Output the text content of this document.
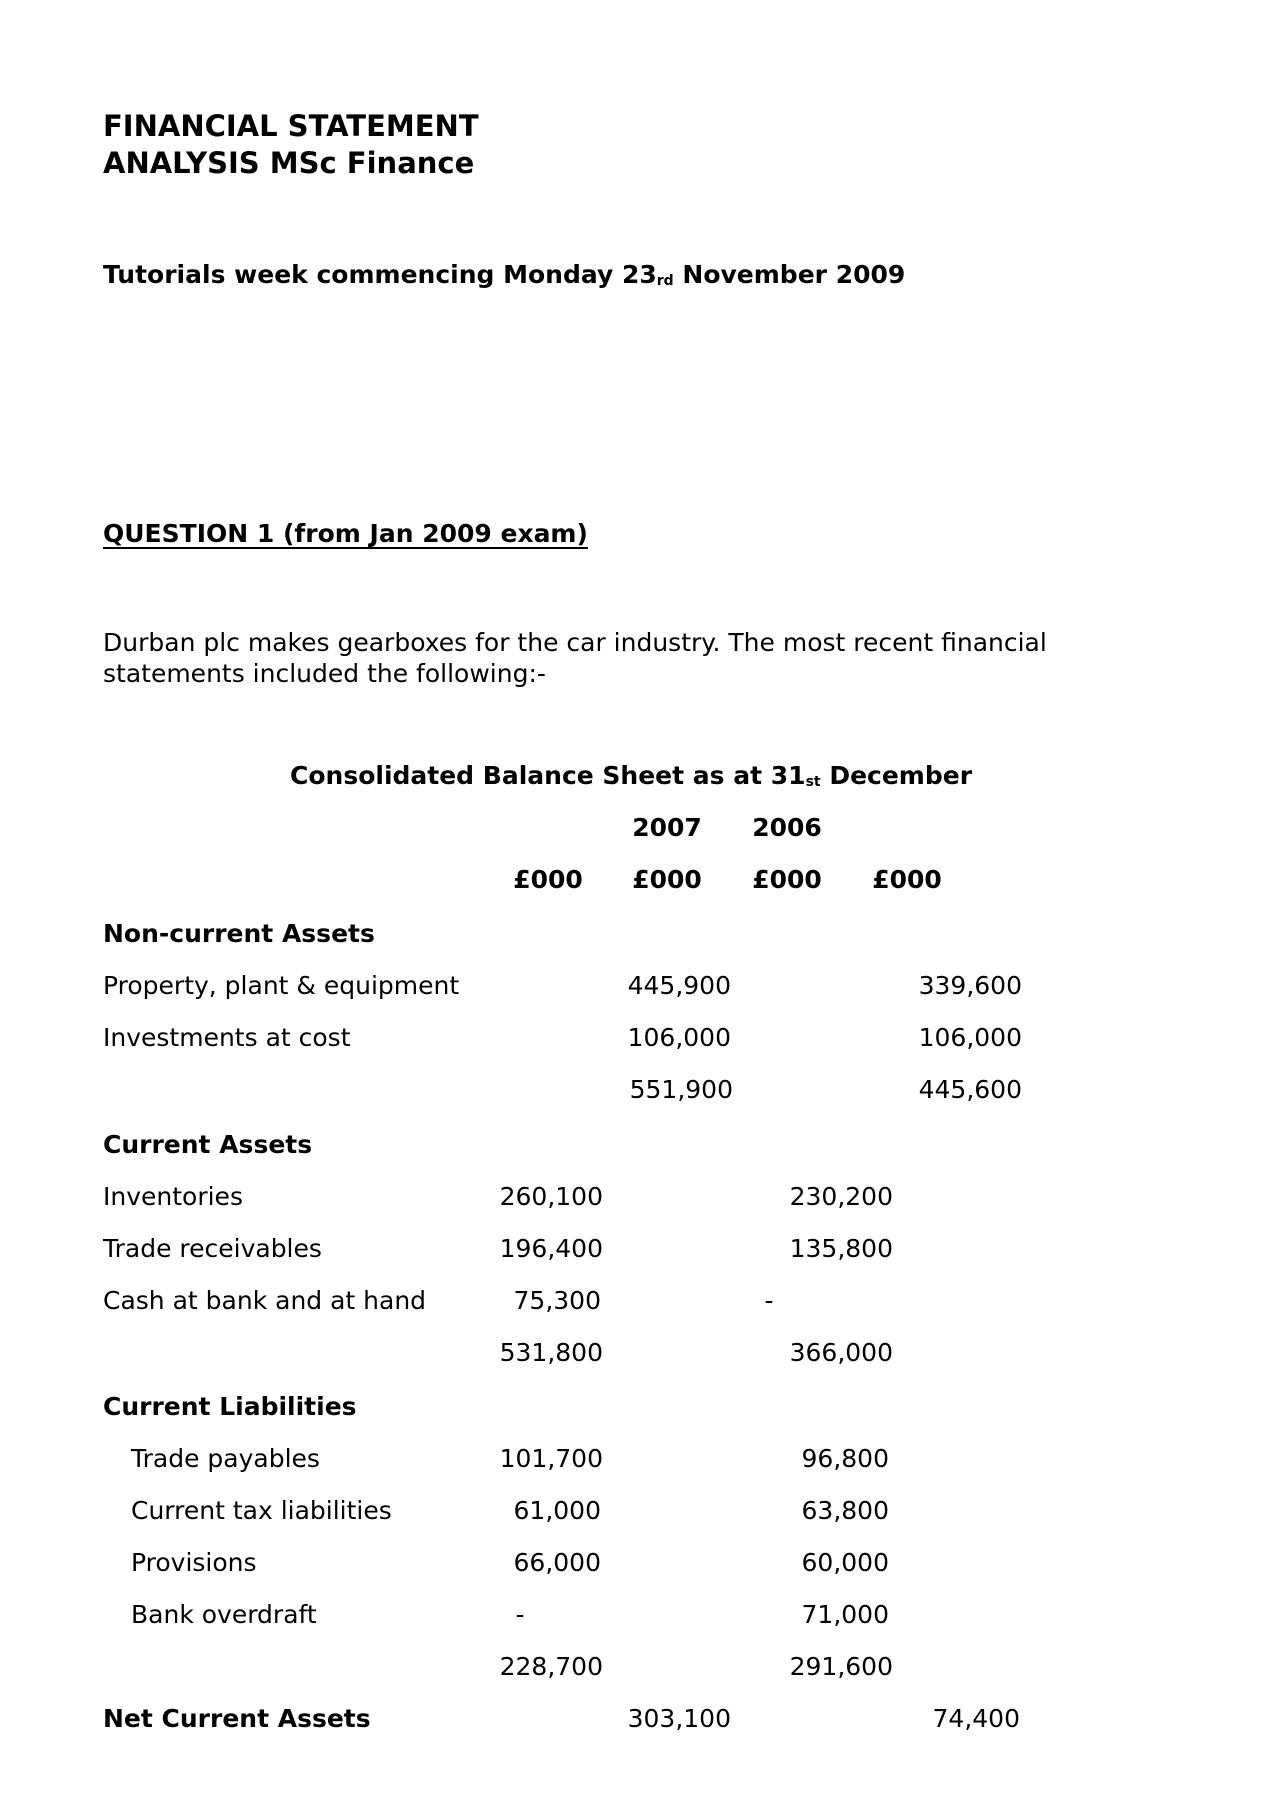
FINANCIAL STATEMENT
ANALYSIS MSc Finance
Tutorials week commencing Monday 23rd November 2009
QUESTION 1 (from Jan 2009 exam)
Durban plc makes gearboxes for the car industry. The most recent financial
statements included the following:-
Consolidated Balance Sheet as at 31st December
2007	2006
£000	£000	£000	£000
Non-current Assets
Property, plant & equipment	445,900	339,600
Investments at cost	106,000	106,000
551,900	445,600
Current Assets
Inventories	260,100	230,200
Trade receivables	196,400	135,800
Cash at bank and at hand	75,300	-
531,800	366,000
Current Liabilities
Trade payables	101,700	96,800
Current tax liabilities	61,000	63,800
Provisions	66,000	60,000
Bank overdraft	-	71,000
228,700	291,600
Net Current Assets	303,100	74,400
